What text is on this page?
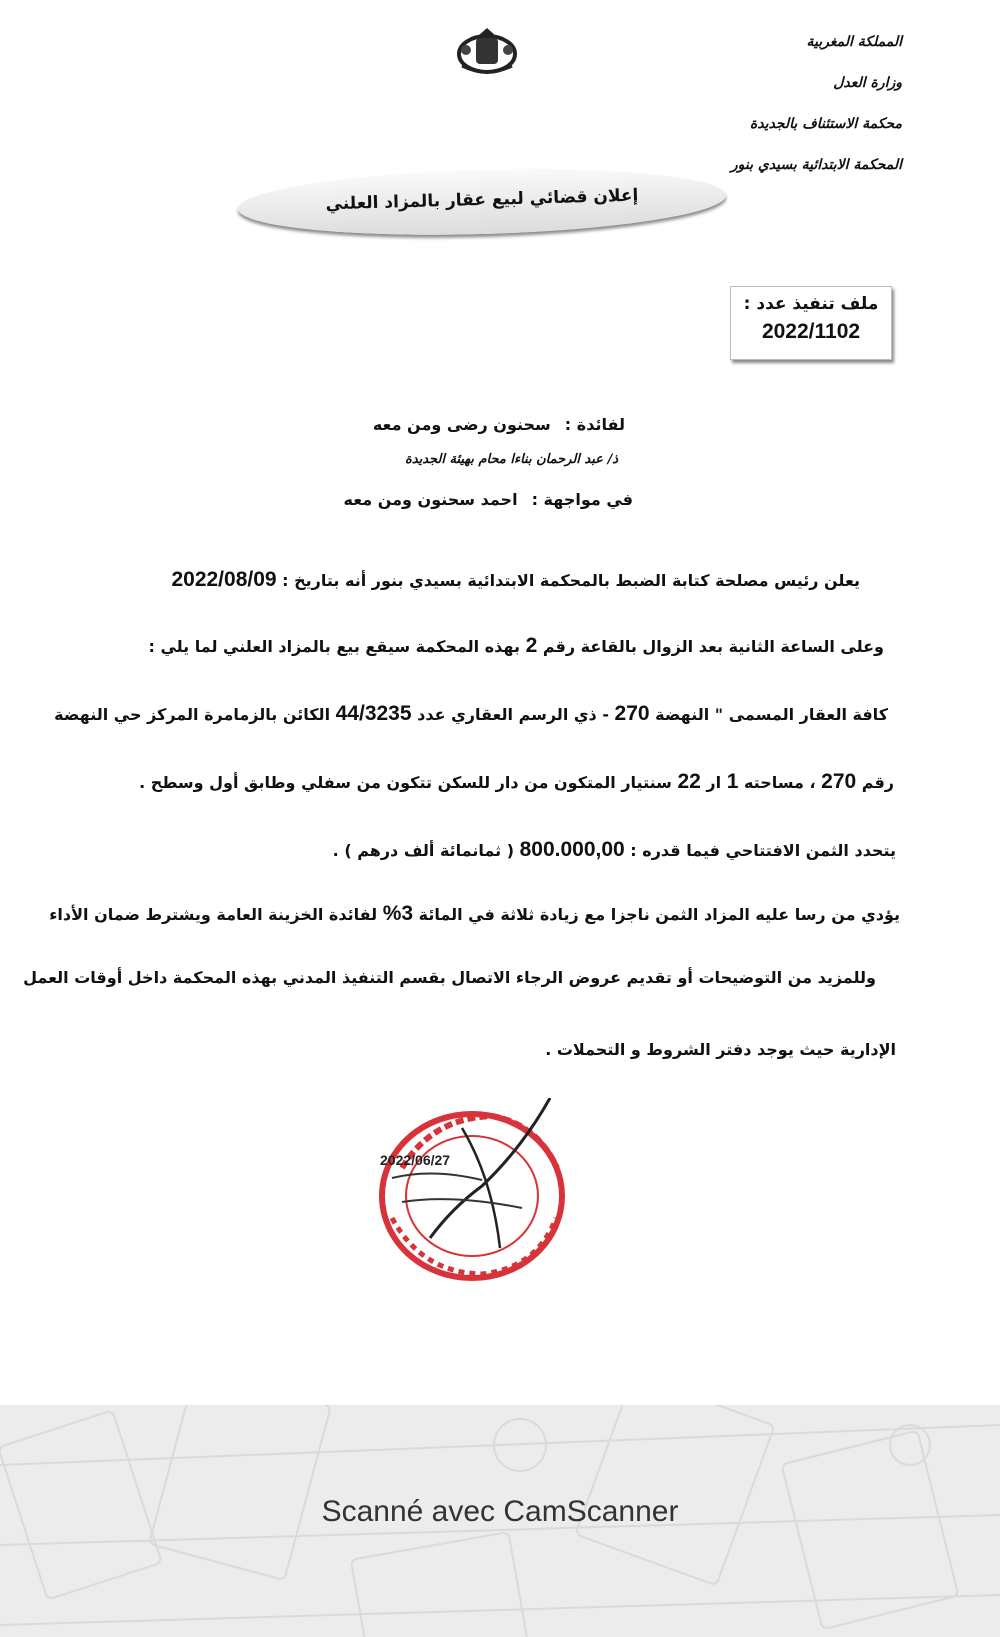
المملكة المغربية
وزارة العدل
محكمة الاستئناف بالجديدة
المحكمة الابتدائية بسيدي بنور
إعلان قضائي لبيع عقار بالمزاد العلني
ملف تنفيذ عدد :
2022/1102
لفائدة :سحنون رضى ومن معه
ذ/ عبد الرحمان بناءا محام بهيئة الجديدة
في مواجهة :احمد سحنون ومن معه
يعلن رئيس مصلحة كتابة الضبط بالمحكمة الابتدائية بسيدي بنور أنه بتاريخ : 2022/08/09
وعلى الساعة الثانية بعد الزوال بالقاعة رقم 2 بهذه المحكمة سيقع بيع بالمزاد العلني لما يلي :
كافة العقار المسمى " النهضة 270 - ذي الرسم العقاري عدد 44/3235 الكائن بالزمامرة المركز حي النهضة
رقم 270 ، مساحته 1 ار 22 سنتيار المتكون من دار للسكن تتكون من سفلي وطابق أول وسطح .
يتحدد الثمن الافتتاحي فيما قدره : 800.000,00 ( ثمانمائة ألف درهم ) .
يؤدي من رسا عليه المزاد الثمن ناجزا مع زيادة ثلاثة في المائة 3% لفائدة الخزينة العامة ويشترط ضمان الأداء
وللمزيد من التوضيحات أو تقديم عروض الرجاء الاتصال بقسم التنفيذ المدني بهذه المحكمة داخل أوقات العمل
الإدارية حيث يوجد دفتر الشروط و التحملات .
2022/06/27
Scanné avec CamScanner
